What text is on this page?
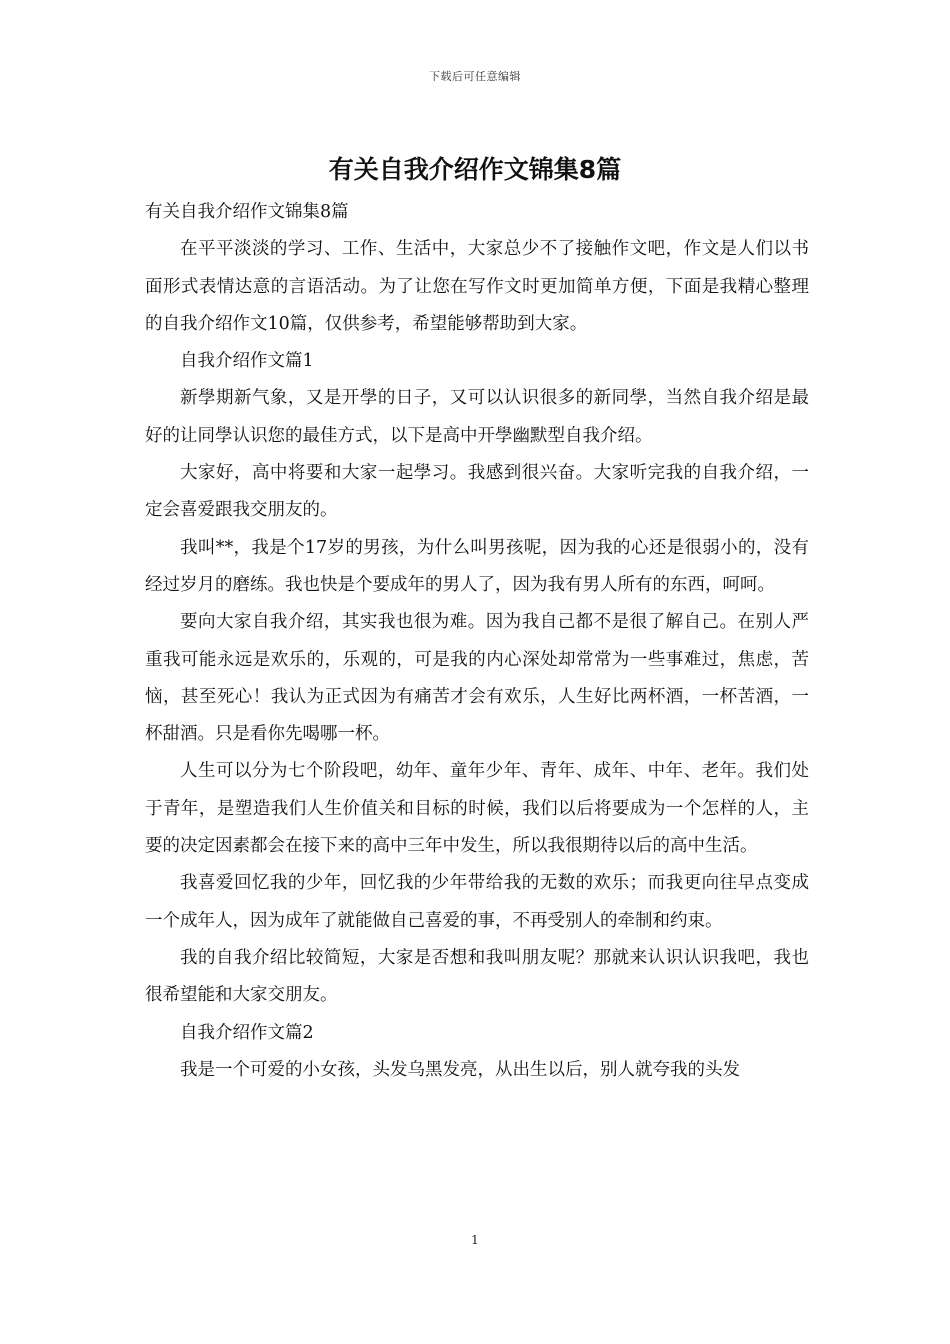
下载后可任意编辑
有关自我介绍作文锦集8篇

有关自我介绍作文锦集8篇

在平平淡淡的学习、工作、生活中，大家总少不了接触作文吧，作文是人们以书面形式表情达意的言语活动。为了让您在写作文时更加简单方便，下面是我精心整理的自我介绍作文10篇，仅供参考，希望能够帮助到大家。

自我介绍作文篇1

新學期新气象，又是开學的日子，又可以认识很多的新同學，当然自我介绍是最好的让同學认识您的最佳方式，以下是高中开學幽默型自我介绍。

大家好，高中将要和大家一起學习。我感到很兴奋。大家听完我的自我介绍，一定会喜爱跟我交朋友的。

我叫**，我是个17岁的男孩，为什么叫男孩呢，因为我的心还是很弱小的，没有经过岁月的磨练。我也快是个要成年的男人了，因为我有男人所有的东西，呵呵。

要向大家自我介绍，其实我也很为难。因为我自己都不是很了解自己。在别人严重我可能永远是欢乐的，乐观的，可是我的内心深处却常常为一些事难过，焦虑，苦恼，甚至死心！我认为正式因为有痛苦才会有欢乐，人生好比两杯酒，一杯苦酒，一杯甜酒。只是看你先喝哪一杯。

人生可以分为七个阶段吧，幼年、童年少年、青年、成年、中年、老年。我们处于青年，是塑造我们人生价值关和目标的时候，我们以后将要成为一个怎样的人，主要的决定因素都会在接下来的高中三年中发生，所以我很期待以后的高中生活。

我喜爱回忆我的少年，回忆我的少年带给我的无数的欢乐；而我更向往早点变成一个成年人，因为成年了就能做自己喜爱的事，不再受别人的牵制和约束。

我的自我介绍比较简短，大家是否想和我叫朋友呢？那就来认识认识我吧，我也很希望能和大家交朋友。

自我介绍作文篇2

我是一个可爱的小女孩，头发乌黑发亮，从出生以后，别人就夸我的头发

1
